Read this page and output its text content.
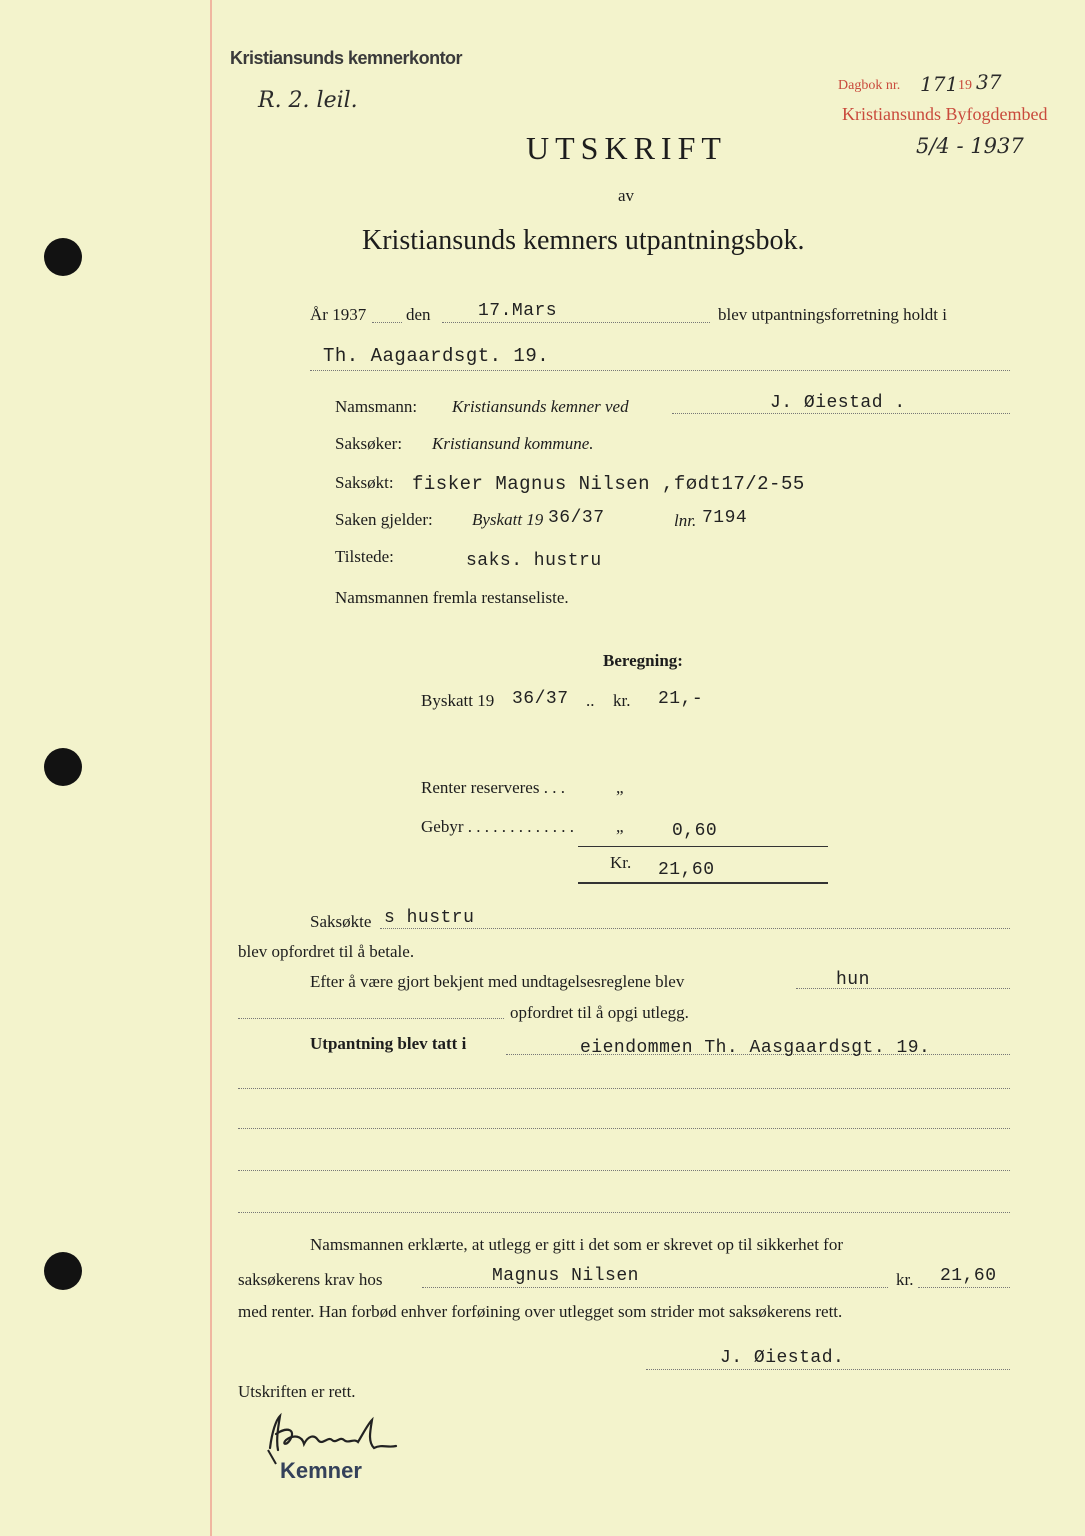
Kristiansunds kemnerkontor
R. 2. leil.
Dagbok nr. 171 19 37
Kristiansunds Byfogdembed
5/4 - 1937
UTSKRIFT
av
Kristiansunds kemners utpantningsbok.
År 1937 den	17.Mars	blev utpantningsforretning holdt i
Th. Aagaardsgt. 19.
Namsmann: Kristiansunds kemner ved	J. Øiestad .
Saksøker: Kristiansund kommune.
Saksøkt: fisker Magnus Nilsen ,født17/2-55
Saken gjelder: Byskatt 19 36/37	lnr. 7194
Tilstede:	saks. hustru
Namsmannen fremla restanseliste.
Beregning:
Byskatt 19 36/37 .. kr. 21,-
Renter reserveres . . .	„
Gebyr . . . . . . . . . . . . . „	0,60
Kr. 21,60
Saksøkte s hustru
blev opfordret til å betale.
Efter å være gjort bekjent med undtagelsesreglene blev	hun
opfordret til å opgi utlegg.
Utpantning blev tatt i	eiendommen Th. Aasgaardsgt. 19.
Namsmannen erklærte, at utlegg er gitt i det som er skrevet op til sikkerhet for
saksøkerens krav hos	Magnus Nilsen	kr. 21,60
med renter. Han forbød enhver forføining over utlegget som strider mot saksøkerens rett.
J. Øiestad.
Utskriften er rett.
Kemner
